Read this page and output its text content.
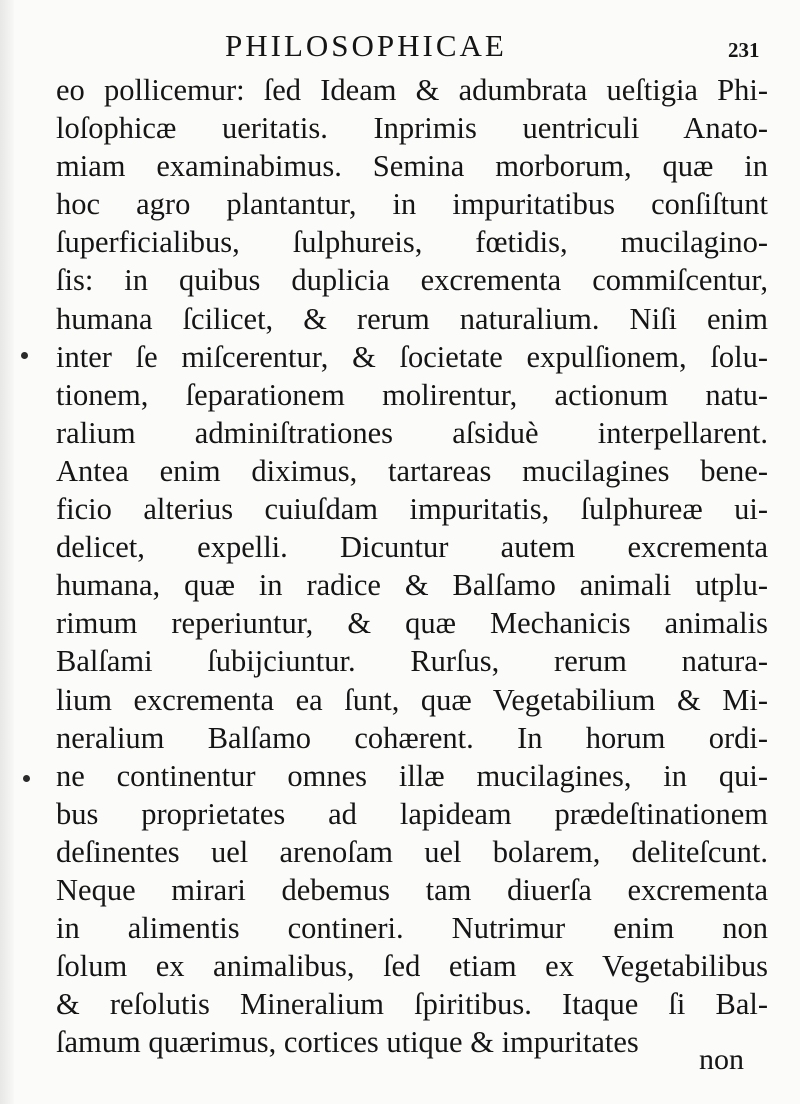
PHILOSOPHICAE	231
eo pollicemur: ſed Ideam & adumbrata ueſtigia Phi-
loſophicæ ueritatis. Inprimis uentriculi Anato-
miam examinabimus. Semina morborum, quæ in
hoc agro plantantur, in impuritatibus conſiſtunt
ſuperficialibus, ſulphureis, fœtidis, mucilagino-
ſis: in quibus duplicia excrementa commiſcentur,
humana ſcilicet, & rerum naturalium. Niſi enim
inter ſe miſcerentur, & ſocietate expulſionem, ſolu-
tionem, ſeparationem molirentur, actionum natu-
ralium adminiſtrationes aſsiduè interpellarent.
Antea enim diximus, tartareas mucilagines bene-
ficio alterius cuiuſdam impuritatis, ſulphureæ ui-
delicet, expelli. Dicuntur autem excrementa
humana, quæ in radice & Balſamo animali utplu-
rimum reperiuntur, & quæ Mechanicis animalis
Balſami ſubijciuntur. Rurſus, rerum natura-
lium excrementa ea ſunt, quæ Vegetabilium & Mi-
neralium Balſamo cohærent. In horum ordi-
ne continentur omnes illæ mucilagines, in qui-
bus proprietates ad lapideam prædeſtinationem
deſinentes uel arenoſam uel bolarem, deliteſcunt.
Neque mirari debemus tam diuerſa excrementa
in alimentis contineri. Nutrimur enim non
ſolum ex animalibus, ſed etiam ex Vegetabilibus
& reſolutis Mineralium ſpiritibus. Itaque ſi Bal-
ſamum quærimus, cortices utique & impuritates
non
